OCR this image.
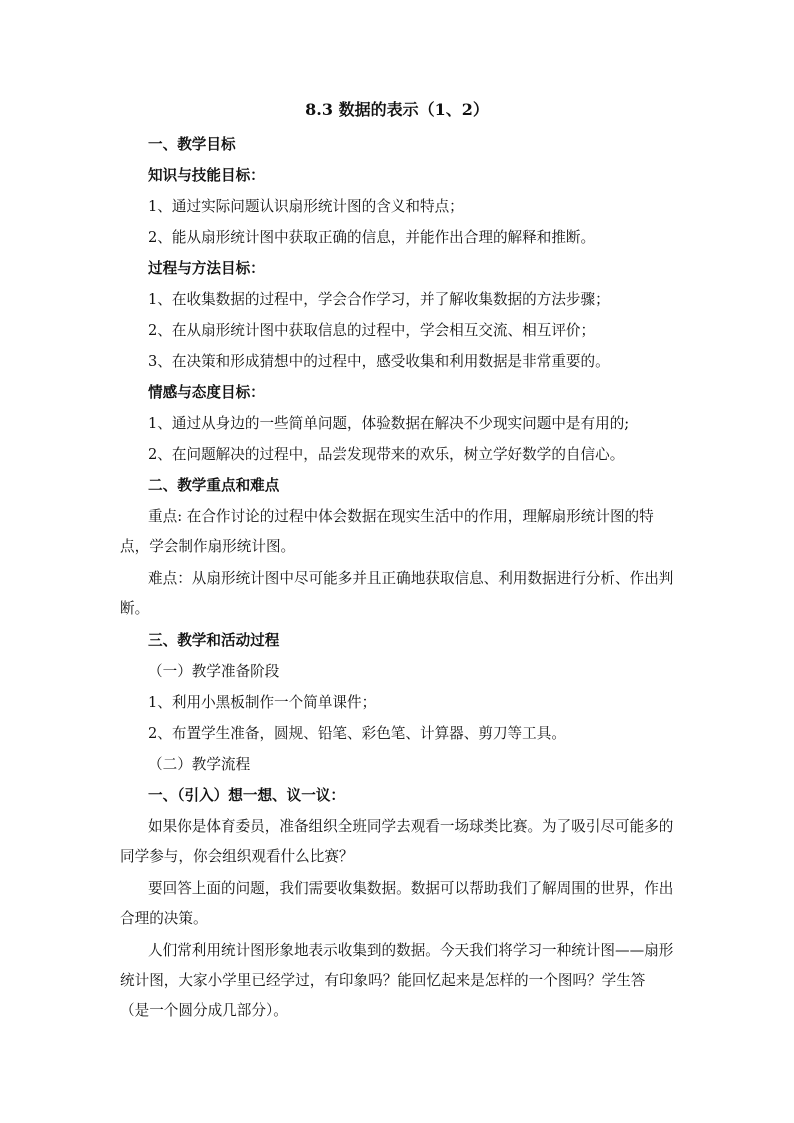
8.3 数据的表示（1、2）
一、教学目标
知识与技能目标：
1、通过实际问题认识扇形统计图的含义和特点；
2、能从扇形统计图中获取正确的信息，并能作出合理的解释和推断。
过程与方法目标：
1、在收集数据的过程中，学会合作学习，并了解收集数据的方法步骤；
2、在从扇形统计图中获取信息的过程中，学会相互交流、相互评价；
3、在决策和形成猜想中的过程中，感受收集和利用数据是非常重要的。
情感与态度目标：
1、通过从身边的一些简单问题，体验数据在解决不少现实问题中是有用的;
2、在问题解决的过程中，品尝发现带来的欢乐，树立学好数学的自信心。
二、教学重点和难点
重点: 在合作讨论的过程中体会数据在现实生活中的作用，理解扇形统计图的特点，学会制作扇形统计图。
难点：从扇形统计图中尽可能多并且正确地获取信息、利用数据进行分析、作出判断。
三、教学和活动过程
（一）教学准备阶段
1、利用小黑板制作一个简单课件；
2、布置学生准备，圆规、铅笔、彩色笔、计算器、剪刀等工具。
（二）教学流程
一、（引入）想一想、议一议：
如果你是体育委员，准备组织全班同学去观看一场球类比赛。为了吸引尽可能多的同学参与，你会组织观看什么比赛？
要回答上面的问题，我们需要收集数据。数据可以帮助我们了解周围的世界，作出合理的决策。
人们常利用统计图形象地表示收集到的数据。今天我们将学习一种统计图——扇形统计图，大家小学里已经学过，有印象吗？能回忆起来是怎样的一个图吗？学生答（是一个圆分成几部分）。
